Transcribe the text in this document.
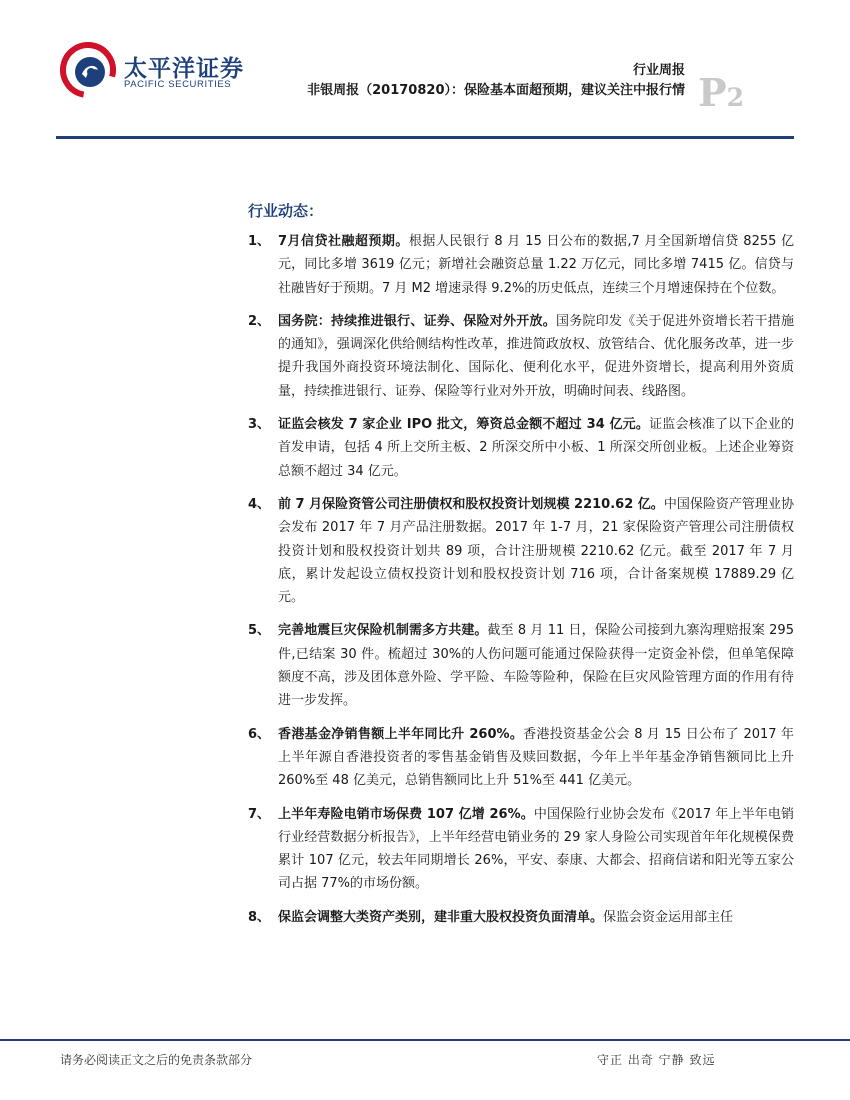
太平洋证券
PACIFIC SECURITIES
行业周报
非银周报（20170820）：保险基本面超预期，建议关注中报行情 P2
行业动态：
1、 7月信贷社融超预期。根据人民银行 8 月 15 日公布的数据,7 月全国新增信贷 8255 亿元，同比多增 3619 亿元；新增社会融资总量 1.22 万亿元，同比多增 7415 亿。信贷与社融皆好于预期。7 月 M2 增速录得 9.2%的历史低点，连续三个月增速保持在个位数。
2、 国务院：持续推进银行、证券、保险对外开放。国务院印发《关于促进外资增长若干措施的通知》，强调深化供给侧结构性改革，推进简政放权、放管结合、优化服务改革，进一步提升我国外商投资环境法制化、国际化、便利化水平，促进外资增长，提高利用外资质量，持续推进银行、证券、保险等行业对外开放，明确时间表、线路图。
3、 证监会核发 7 家企业 IPO 批文，筹资总金额不超过 34 亿元。证监会核准了以下企业的首发申请，包括 4 所上交所主板、2 所深交所中小板、1 所深交所创业板。上述企业筹资总额不超过 34 亿元。
4、 前 7 月保险资管公司注册债权和股权投资计划规模 2210.62 亿。中国保险资产管理业协会发布 2017 年 7 月产品注册数据。2017 年 1-7 月，21 家保险资产管理公司注册债权投资计划和股权投资计划共 89 项，合计注册规模 2210.62 亿元。截至 2017 年 7 月底，累计发起设立债权投资计划和股权投资计划 716 项，合计备案规模 17889.29 亿元。
5、 完善地震巨灾保险机制需多方共建。截至 8 月 11 日，保险公司接到九寨沟理赔报案 295 件,已结案 30 件。梳超过 30%的人伤问题可能通过保险获得一定资金补偿，但单笔保障额度不高，涉及团体意外险、学平险、车险等险种，保险在巨灾风险管理方面的作用有待进一步发挥。
6、 香港基金净销售额上半年同比升 260%。香港投资基金公会 8 月 15 日公布了 2017 年上半年源自香港投资者的零售基金销售及赎回数据，今年上半年基金净销售额同比上升 260%至 48 亿美元，总销售额同比上升 51%至 441 亿美元。
7、 上半年寿险电销市场保费 107 亿增 26%。中国保险行业协会发布《2017 年上半年电销行业经营数据分析报告》，上半年经营电销业务的 29 家人身险公司实现首年年化规模保费累计 107 亿元，较去年同期增长 26%，平安、泰康、大都会、招商信诺和阳光等五家公司占据 77%的市场份额。
8、 保监会调整大类资产类别，建非重大股权投资负面清单。保监会资金运用部主任
请务必阅读正文之后的免责条款部分	守正 出奇 宁静 致远
